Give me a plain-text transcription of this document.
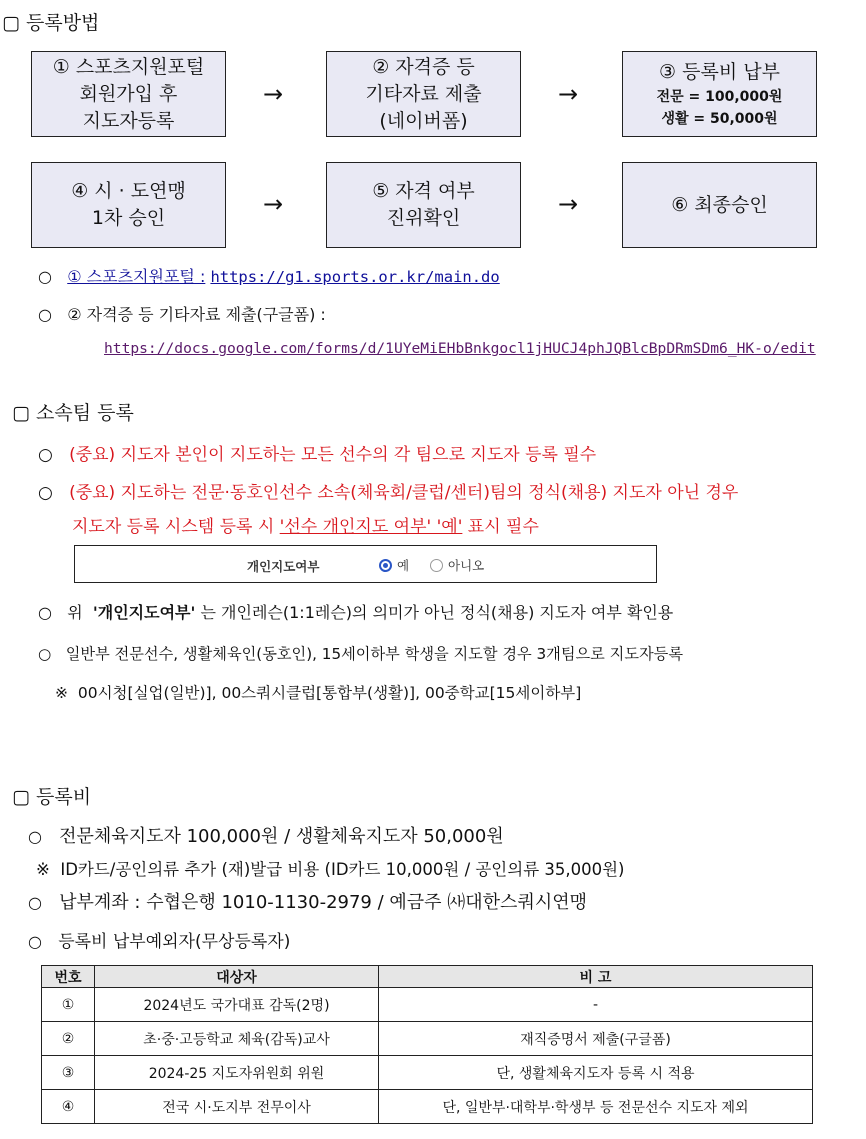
▢ 등록방법
① 스포츠지원포털
회원가입 후
지도자등록
→
② 자격증 등
기타자료 제출
(네이버폼)
→
③ 등록비 납부
전문 = 100,000원
생활 = 50,000원
④ 시 · 도연맹
1차 승인	→	⑤ 자격 여부
진위확인	→	⑥ 최종승인
○ ① 스포츠지원포털 : https://g1.sports.or.kr/main.do
○ ② 자격증 등 기타자료 제출(구글폼) :
https://docs.google.com/forms/d/1UYeMiEHbBnkgocl1jHUCJ4phJQBlcBpDRmSDm6_HK-o/edit
▢ 소속팀 등록
○ (중요) 지도자 본인이 지도하는 모든 선수의 각 팀으로 지도자 등록 필수
○ (중요) 지도하는 전문·동호인선수 소속(체육회/클럽/센터)팀의 정식(채용) 지도자 아닌 경우
지도자 등록 시스템 등록 시 '선수 개인지도 여부' '예' 표시 필수
개인지도여부	예	아니오
○ 위 '개인지도여부' 는 개인레슨(1:1레슨)의 의미가 아닌 정식(채용) 지도자 여부 확인용
○ 일반부 전문선수, 생활체육인(동호인), 15세이하부 학생을 지도할 경우 3개팀으로 지도자등록
※ 00시청[실업(일반)], 00스쿼시클럽[통합부(생활)], 00중학교[15세이하부]
▢ 등록비
○ 전문체육지도자 100,000원 / 생활체육지도자 50,000원
※ ID카드/공인의류 추가 (재)발급 비용 (ID카드 10,000원 / 공인의류 35,000원)
○ 납부계좌 : 수협은행 1010-1130-2979 / 예금주 ㈔대한스쿼시연맹
○ 등록비 납부예외자(무상등록자)
번호	대상자	비 고
①	2024년도 국가대표 감독(2명)	-
②	초·중·고등학교 체육(감독)교사	재직증명서 제출(구글폼)
③	2024-25 지도자위원회 위원	단, 생활체육지도자 등록 시 적용
④	전국 시·도지부 전무이사	단, 일반부·대학부·학생부 등 전문선수 지도자 제외
